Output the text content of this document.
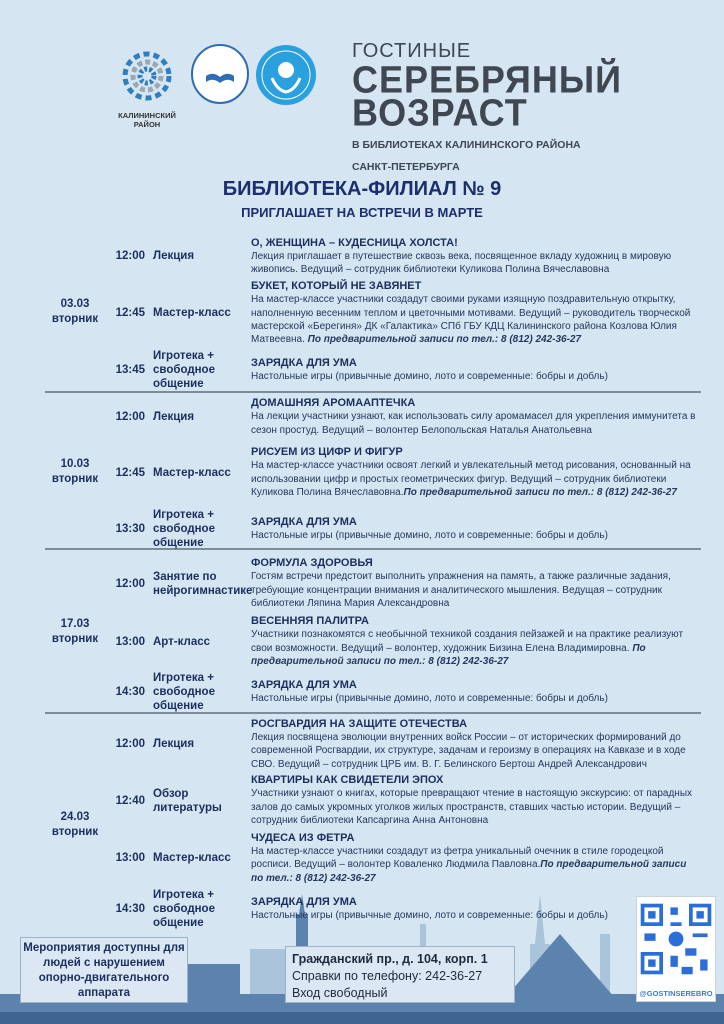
КАЛИНИНСКИЙ
РАЙОН
ГОСТИНЫЕ
СЕРЕБРЯНЫЙ
ВОЗРАСТ
В БИБЛИОТЕКАХ КАЛИНИНСКОГО РАЙОНА
САНКТ-ПЕТЕРБУРГА
БИБЛИОТЕКА-ФИЛИАЛ № 9
ПРИГЛАШАЕТ НА ВСТРЕЧИ В МАРТЕ
03.03
вторник
12:00 Лекция
О, ЖЕНЩИНА – КУДЕСНИЦА ХОЛСТА!
Лекция приглашает в путешествие сквозь века, посвященное вкладу художниц в мировую живопись. Ведущий – сотрудник библиотеки Куликова Полина Вячеславовна
12:45 Мастер-класс
БУКЕТ, КОТОРЫЙ НЕ ЗАВЯНЕТ
На мастер-классе участники создадут своими руками изящную поздравительную открытку, наполненную весенним теплом и цветочными мотивами. Ведущий – руководитель творческой мастерской «Берегиня» ДК «Галактика» СПб ГБУ КДЦ Калининского района Козлова Юлия Матвеевна. По предварительной записи по тел.: 8 (812) 242-36-27
13:45
Игротека + свободное общение
ЗАРЯДКА ДЛЯ УМА
Настольные игры (привычные домино, лото и современные: бобры и добль)
10.03
вторник
12:00 Лекция
ДОМАШНЯЯ АРОМААПТЕЧКА
На лекции участники узнают, как использовать силу аромамасел для укрепления иммунитета в сезон простуд. Ведущий – волонтер Белопольская Наталья Анатольевна
12:45 Мастер-класс
РИСУЕМ ИЗ ЦИФР И ФИГУР
На мастер-классе участники освоят легкий и увлекательный метод рисования, основанный на использовании цифр и простых геометрических фигур. Ведущий – сотрудник библиотеки Куликова Полина Вячеславовна.По предварительной записи по тел.: 8 (812) 242-36-27
13:30
Игротека + свободное общение
ЗАРЯДКА ДЛЯ УМА
Настольные игры (привычные домино, лото и современные: бобры и добль)
17.03
вторник
12:00
Занятие по нейрогимнастике
ФОРМУЛА ЗДОРОВЬЯ
Гостям встречи предстоит выполнить упражнения на память, а также различные задания, требующие концентрации внимания и аналитического мышления. Ведущая – сотрудник библиотеки Ляпина Мария Александровна
13:00 Арт-класс
ВЕСЕННЯЯ ПАЛИТРА
Участники познакомятся с необычной техникой создания пейзажей и на практике реализуют свои возможности. Ведущий – волонтер, художник Бизина Елена Владимировна. По предварительной записи по тел.: 8 (812) 242-36-27
14:30
Игротека + свободное общение
ЗАРЯДКА ДЛЯ УМА
Настольные игры (привычные домино, лото и современные: бобры и добль)
24.03
вторник
12:00 Лекция
РОСГВАРДИЯ НА ЗАЩИТЕ ОТЕЧЕСТВА
Лекция посвящена эволюции внутренних войск России – от исторических формирований до современной Росгвардии, их структуре, задачам и героизму в операциях на Кавказе и в ходе СВО. Ведущий – сотрудник ЦРБ им. В. Г. Белинского Бертош Андрей Александрович
12:40
Обзор литературы
КВАРТИРЫ КАК СВИДЕТЕЛИ ЭПОХ
Участники узнают о книгах, которые превращают чтение в настоящую экскурсию: от парадных залов до самых укромных уголков жилых пространств, ставших частью истории. Ведущий – сотрудник библиотеки Капсаргина Анна Антоновна
13:00 Мастер-класс
ЧУДЕСА ИЗ ФЕТРА
На мастер-классе участники создадут из фетра уникальный очечник в стиле городецкой росписи. Ведущий – волонтер Коваленко Людмила Павловна.По предварительной записи по тел.: 8 (812) 242-36-27
14:30
Игротека + свободное общение
ЗАРЯДКА ДЛЯ УМА
Настольные игры (привычные домино, лото и современные: бобры и добль)
Мероприятия доступны для людей с нарушением опорно-двигательного аппарата
Гражданский пр., д. 104, корп. 1
Справки по телефону: 242-36-27
Вход свободный	@GOSTINSEREBRO
